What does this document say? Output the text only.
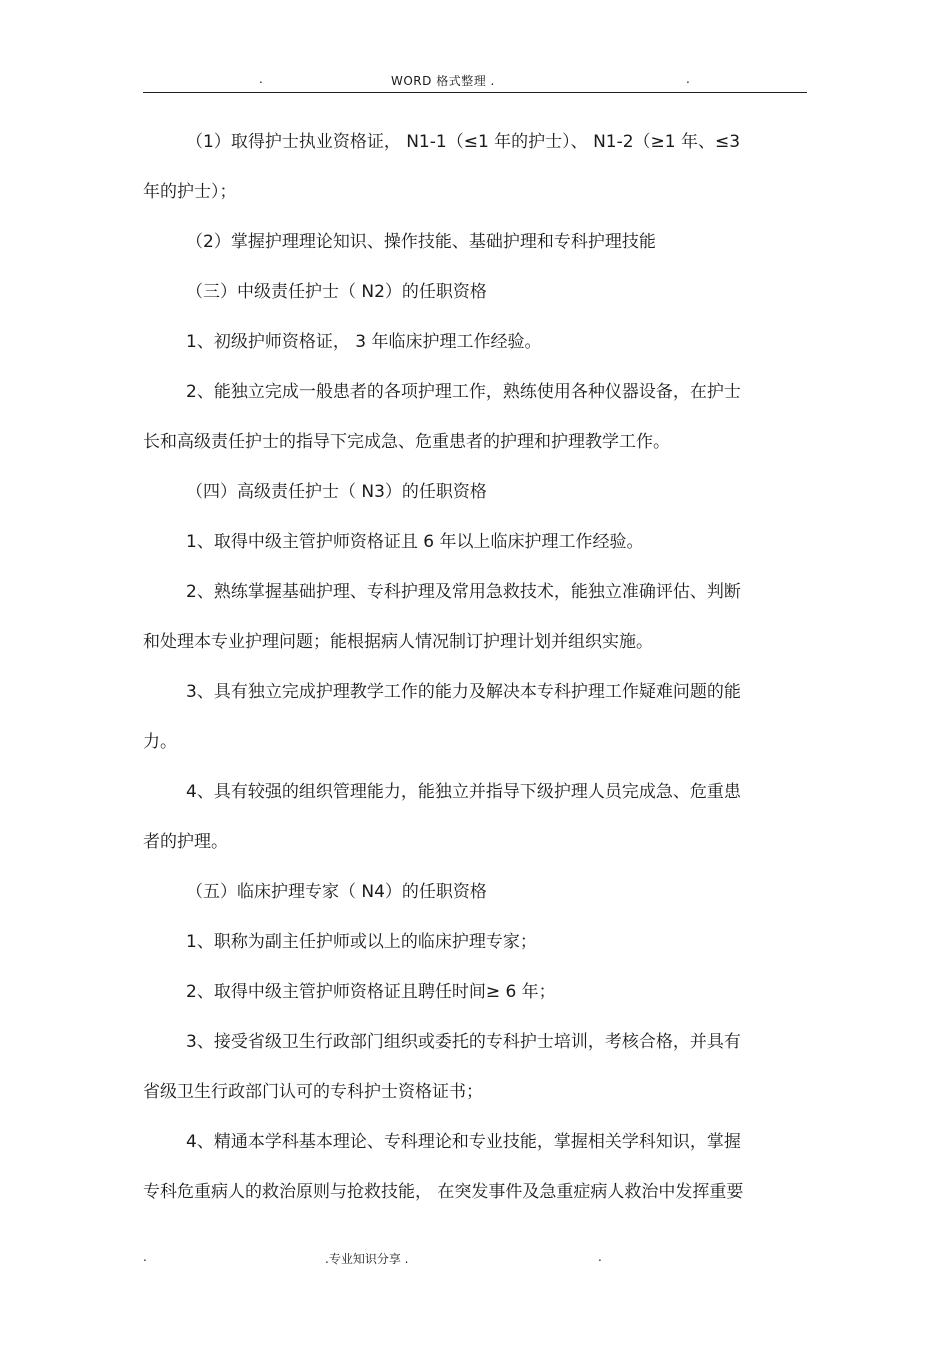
.	WORD 格式整理 .	.
（1）取得护士执业资格证， N1-1（≤1 年的护士）、 N1-2（≥1 年、≤3
年的护士）；
（2）掌握护理理论知识、操作技能、基础护理和专科护理技能
（三）中级责任护士（ N2）的任职资格
1、初级护师资格证， 3 年临床护理工作经验。
2、能独立完成一般患者的各项护理工作，熟练使用各种仪器设备，在护士
长和高级责任护士的指导下完成急、危重患者的护理和护理教学工作。
（四）高级责任护士（ N3）的任职资格
1、取得中级主管护师资格证且 6 年以上临床护理工作经验。
2、熟练掌握基础护理、专科护理及常用急救技术，能独立准确评估、判断
和处理本专业护理问题；能根据病人情况制订护理计划并组织实施。
3、具有独立完成护理教学工作的能力及解决本专科护理工作疑难问题的能
力。
4、具有较强的组织管理能力，能独立并指导下级护理人员完成急、危重患
者的护理。
（五）临床护理专家（ N4）的任职资格
1、职称为副主任护师或以上的临床护理专家；
2、取得中级主管护师资格证且聘任时间≥ 6 年；
3、接受省级卫生行政部门组织或委托的专科护士培训，考核合格，并具有
省级卫生行政部门认可的专科护士资格证书；
4、精通本学科基本理论、专科理论和专业技能，掌握相关学科知识，掌握
专科危重病人的救治原则与抢救技能， 在突发事件及急重症病人救治中发挥重要
.	.专业知识分享 .	.
